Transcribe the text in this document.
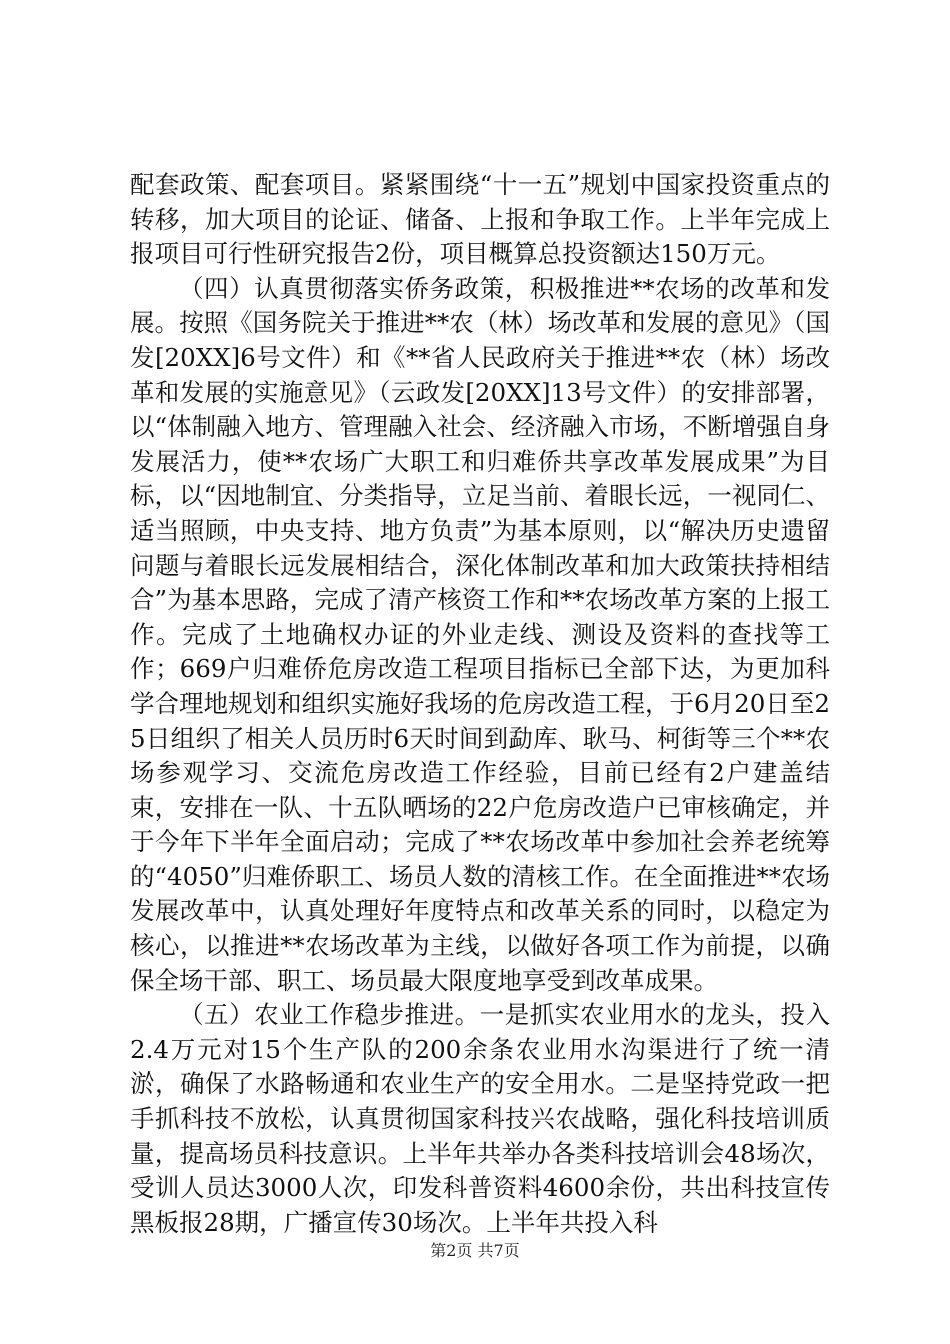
配套政策、配套项目。紧紧围绕“十一五”规划中国家投资重点的转移，加大项目的论证、储备、上报和争取工作。上半年完成上报项目可行性研究报告2份，项目概算总投资额达150万元。

（四）认真贯彻落实侨务政策，积极推进**农场的改革和发展。按照《国务院关于推进**农（林）场改革和发展的意见》（国发[20XX]6号文件）和《**省人民政府关于推进**农（林）场改革和发展的实施意见》（云政发[20XX]13号文件）的安排部署，以“体制融入地方、管理融入社会、经济融入市场，不断增强自身发展活力，使**农场广大职工和归难侨共享改革发展成果”为目标，以“因地制宜、分类指导，立足当前、着眼长远，一视同仁、适当照顾，中央支持、地方负责”为基本原则，以“解决历史遗留问题与着眼长远发展相结合，深化体制改革和加大政策扶持相结合”为基本思路，完成了清产核资工作和**农场改革方案的上报工作。完成了土地确权办证的外业走线、测设及资料的查找等工作；669户归难侨危房改造工程项目指标已全部下达，为更加科学合理地规划和组织实施好我场的危房改造工程，于6月20日至25日组织了相关人员历时6天时间到勐库、耿马、柯街等三个**农场参观学习、交流危房改造工作经验，目前已经有2户建盖结束，安排在一队、十五队晒场的22户危房改造户已审核确定，并于今年下半年全面启动；完成了**农场改革中参加社会养老统筹的“4050”归难侨职工、场员人数的清核工作。在全面推进**农场发展改革中，认真处理好年度特点和改革关系的同时，以稳定为核心，以推进**农场改革为主线，以做好各项工作为前提，以确保全场干部、职工、场员最大限度地享受到改革成果。

（五）农业工作稳步推进。一是抓实农业用水的龙头，投入2.4万元对15个生产队的200余条农业用水沟渠进行了统一清淤，确保了水路畅通和农业生产的安全用水。二是坚持党政一把手抓科技不放松，认真贯彻国家科技兴农战略，强化科技培训质量，提高场员科技意识。上半年共举办各类科技培训会48场次，受训人员达3000人次，印发科普资料4600余份，共出科技宣传黑板报28期，广播宣传30场次。上半年共投入科

第2页 共7页
